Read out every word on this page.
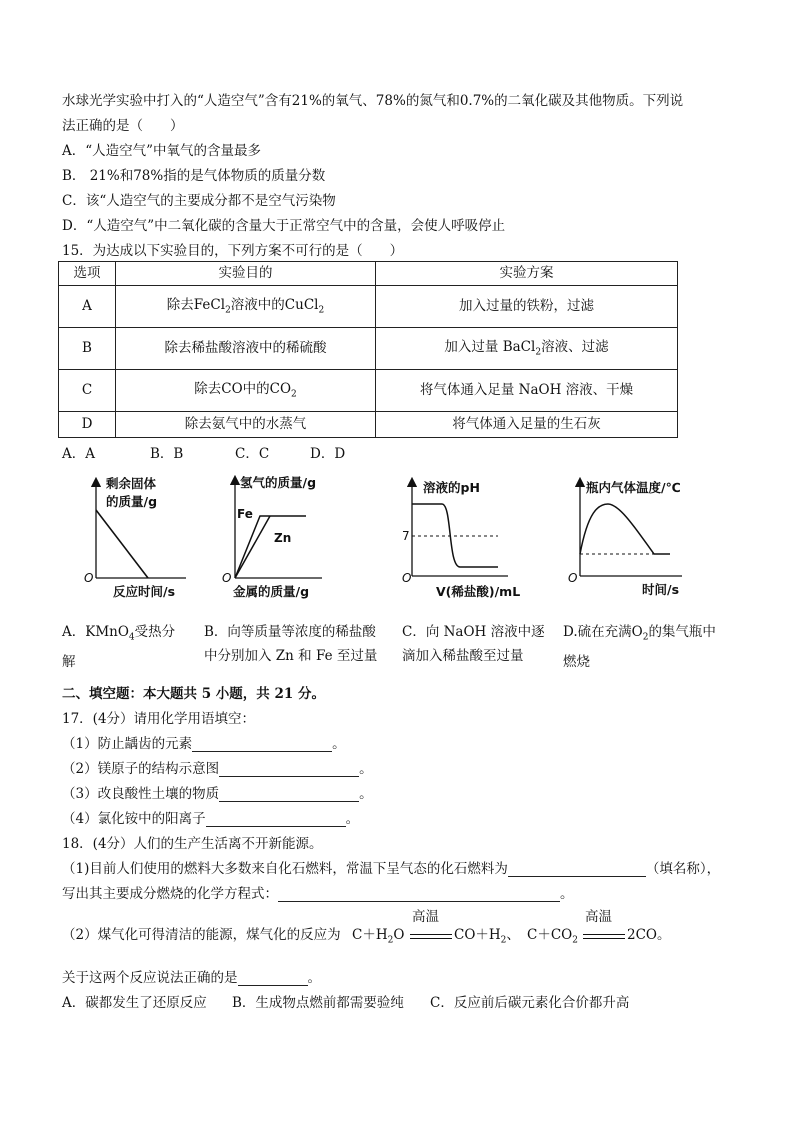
水球光学实验中打入的“人造空气”含有21%的氧气、78%的氮气和0.7%的二氧化碳及其他物质。下列说
法正确的是（　　）
A．“人造空气”中氧气的含量最多
B． 21%和78%指的是气体物质的质量分数
C．该“人造空气的主要成分都不是空气污染物
D．“人造空气”中二氧化碳的含量大于正常空气中的含量，会使人呼吸停止
15．为达成以下实验目的，下列方案不可行的是（　　）
选项	实验目的	实验方案
A	除去FeCl$_2$溶液中的CuCl$_2$	加入过量的铁粉，过滤
B	除去稀盐酸溶液中的稀硫酸	加入过量 BaCl$_2$溶液、过滤
C	除去CO中的$CO_2$	将气体通入足量 NaOH 溶液、干燥
D	除去氨气中的水蒸气	将气体通入足量的生石灰
A．A	B．B	C．C	D．D
剩余固体
的质量/g
O
反应时间/s
氢气的质量/g
Fe
Zn
O
金属的质量/g
溶液的pH
7
O
V(稀盐酸)/mL
瓶内气体温度/℃
O
时间/s
A．KMnO$_4$受热分
解
B．向等质量等浓度的稀盐酸
中分别加入 Zn 和 Fe 至过量
C．向 NaOH 溶液中逐
滴加入稀盐酸至过量
D.硫在充满$O_2$的集气瓶中
燃烧
二、填空题：本大题共 5 小题，共 21 分。
17．(4分）请用化学用语填空：
（1）防止龋齿的元素	。
（2）镁原子的结构示意图	。
（3）改良酸性土壤的物质	。
（4）氯化铵中的阳离子	。
18．(4分）人们的生产生活离不开新能源。
（1)目前人们使用的燃料大多数来自化石燃料，常温下呈气态的化石燃料为	（填名称），
写出其主要成分燃烧的化学方程式：	。
（2）煤气化可得清洁的能源，煤气化的反应为 $C+H_2O$
高温
$CO+H_2$、 $C+CO_2$
高温
2CO。
关于这两个反应说法正确的是	。
A．碳都发生了还原反应 B．生成物点燃前都需要验纯 C．反应前后碳元素化合价都升高
